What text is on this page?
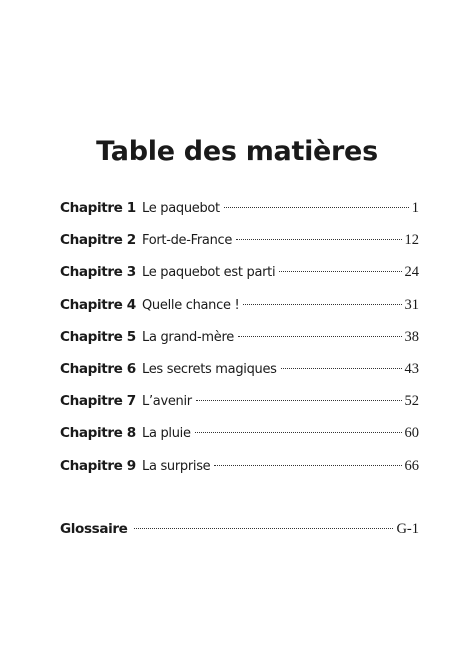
Table des matières
Chapitre 1 Le paquebot	1
Chapitre 2 Fort-de-France	12
Chapitre 3 Le paquebot est parti	24
Chapitre 4 Quelle chance !	31
Chapitre 5 La grand-mère	38
Chapitre 6 Les secrets magiques	43
Chapitre 7 L’avenir	52
Chapitre 8 La pluie	60
Chapitre 9 La surprise	66
Glossaire	G-1
